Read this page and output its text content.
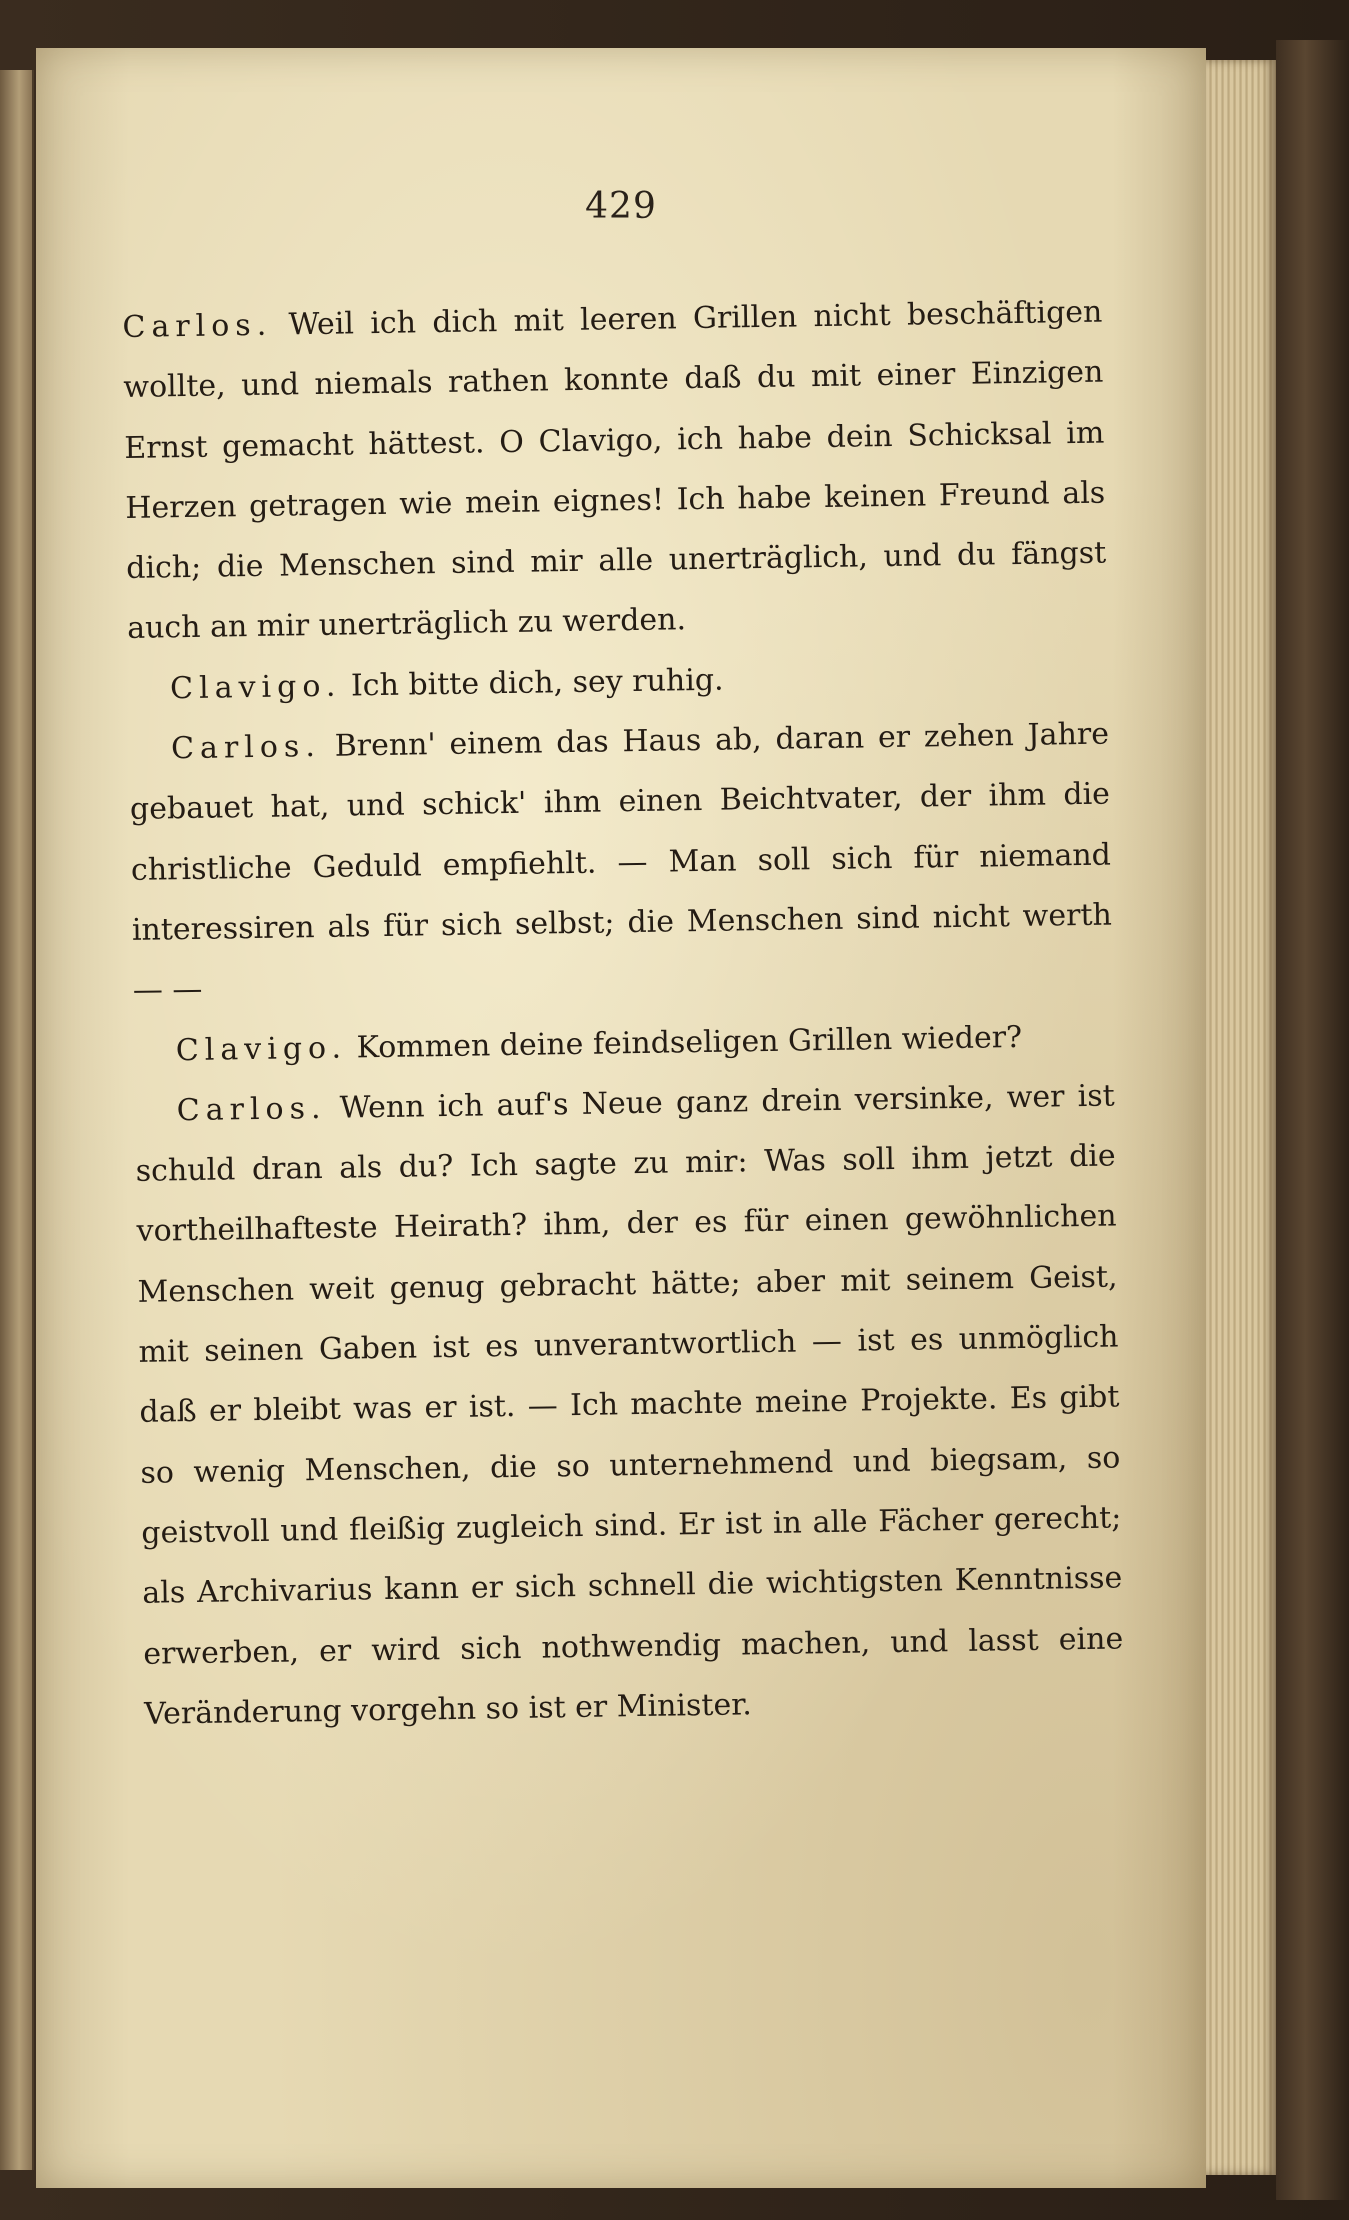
429

Carlos. Weil ich dich mit leeren Grillen nicht beschäftigen wollte, und niemals rathen konnte daß du mit einer Einzigen Ernst gemacht hättest. O Clavigo, ich habe dein Schicksal im Herzen getragen wie mein eignes! Ich habe keinen Freund als dich; die Menschen sind mir alle unerträglich, und du fängst auch an mir unerträglich zu werden.

Clavigo. Ich bitte dich, sey ruhig.

Carlos. Brenn' einem das Haus ab, daran er zehen Jahre gebauet hat, und schick' ihm einen Beichtvater, der ihm die christliche Geduld empfiehlt. — Man soll sich für niemand interessiren als für sich selbst; die Menschen sind nicht werth — —

Clavigo. Kommen deine feindseligen Grillen wieder?

Carlos. Wenn ich auf's Neue ganz drein versinke, wer ist schuld dran als du? Ich sagte zu mir: Was soll ihm jetzt die vortheilhafteste Heirath? ihm, der es für einen gewöhnlichen Menschen weit genug gebracht hätte; aber mit seinem Geist, mit seinen Gaben ist es unverantwortlich — ist es unmöglich daß er bleibt was er ist. — Ich machte meine Projekte. Es gibt so wenig Menschen, die so unternehmend und biegsam, so geistvoll und fleißig zugleich sind. Er ist in alle Fächer gerecht; als Archivarius kann er sich schnell die wichtigsten Kenntnisse erwerben, er wird sich nothwendig machen, und lasst eine Veränderung vorgehn so ist er Minister.
